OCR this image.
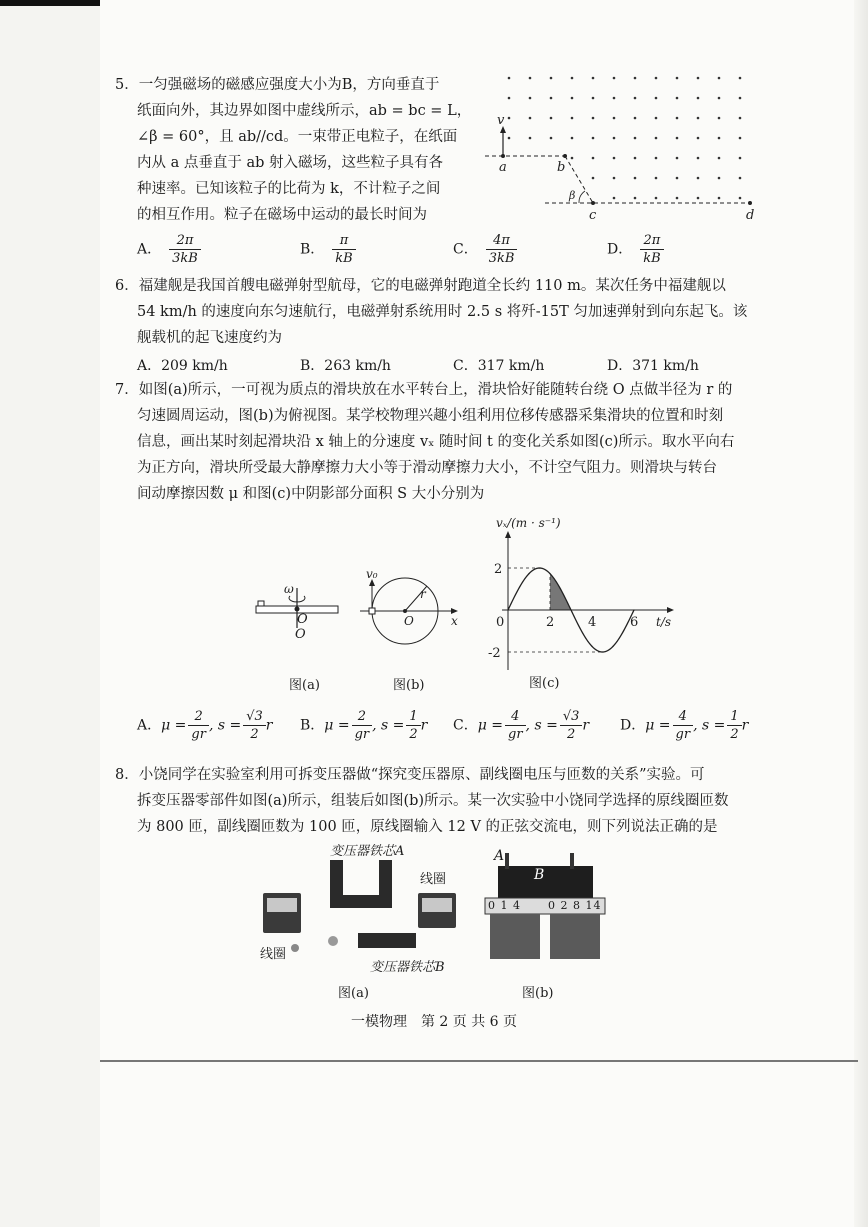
5．一匀强磁场的磁感应强度大小为B，方向垂直于
纸面向外，其边界如图中虚线所示，ab = bc = L，
∠β = 60°，且 ab//cd。一束带正电粒子，在纸面
内从 a 点垂直于 ab 射入磁场，这些粒子具有各
种速率。已知该粒子的比荷为 k，不计粒子之间
的相互作用。粒子在磁场中运动的最长时间为
v
a	b
c	d
β
A． $\frac{2\pi}{3kB}$	B． $\frac{\pi}{kB}$	C． $\frac{4\pi}{3kB}$	D． $\frac{2\pi}{kB}$
6．福建舰是我国首艘电磁弹射型航母，它的电磁弹射跑道全长约 110 m。某次任务中福建舰以
54 km/h 的速度向东匀速航行，电磁弹射系统用时 2.5 s 将歼-15T 匀加速弹射到向东起飞。该
舰载机的起飞速度约为
A．209 km/h	B．263 km/h	C．317 km/h	D．371 km/h
7．如图(a)所示，一可视为质点的滑块放在水平转台上，滑块恰好能随转台绕 O 点做半径为 r 的
匀速圆周运动，图(b)为俯视图。某学校物理兴趣小组利用位移传感器采集滑块的位置和时刻
信息，画出某时刻起滑块沿 x 轴上的分速度 vₓ 随时间 t 的变化关系如图(c)所示。取水平向右
为正方向，滑块所受最大静摩擦力大小等于滑动摩擦力大小，不计空气阻力。则滑块与转台
间动摩擦因数 μ 和图(c)中阴影部分面积 S 大小分别为
ω
图(a)
O
O
v₀
r
O	x
图(b)
2	4	6
2
-2
0
vₓ/(m · s⁻¹)
t/s
图(c)
A．$\mu = \frac{2}{gr}$ , $s = \frac{√3}{2}$ r B．$\mu = \frac{2}{gr}$ , $s = \frac{1}{2}$ r C．$\mu = \frac{4}{gr}$ , $s = \frac{√3}{2}$ r D．$\mu = \frac{4}{gr}$ , $s = \frac{1}{2}$ r
8．小饶同学在实验室利用可拆变压器做“探究变压器原、副线圈电压与匝数的关系”实验。可
拆变压器零部件如图(a)所示，组装后如图(b)所示。某一次实验中小饶同学选择的原线圈匝数
为 800 匝，副线圈匝数为 100 匝，原线圈输入 12 V 的正弦交流电，则下列说法正确的是
变压器铁芯A
线圈
线圈
变压器铁芯B
图(a)
A
B
0 1 4 0 2 8 14
图(b)
一模物理　第 2 页 共 6 页
